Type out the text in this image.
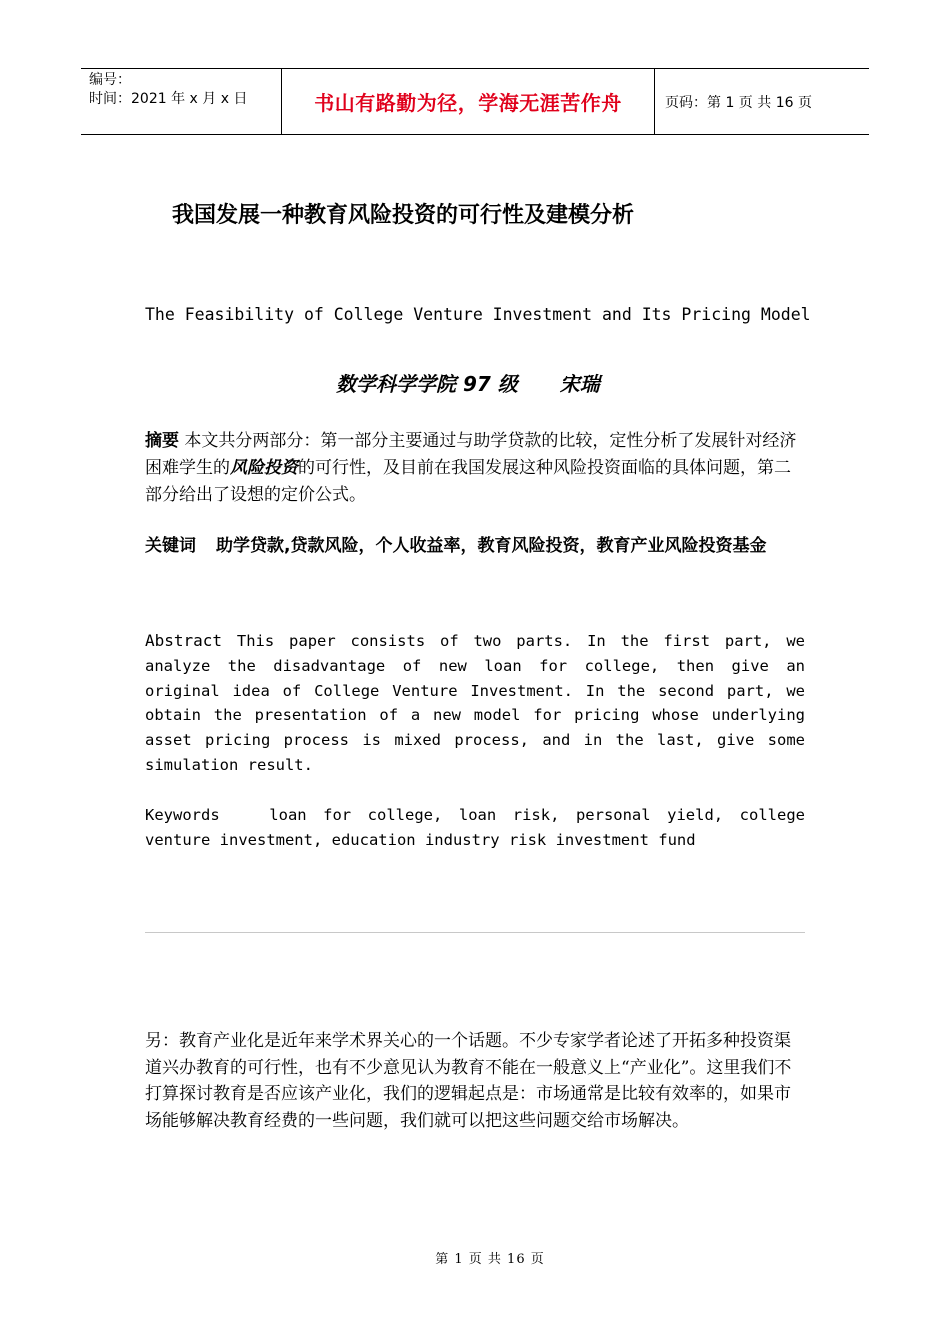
编号：
时间：2021 年 x 月 x 日	书山有路勤为径，学海无涯苦作舟	页码：第 1 页 共 16 页
我国发展一种教育风险投资的可行性及建模分析
The Feasibility of College Venture Investment and Its Pricing Model
数学科学学院 97 级 宋瑞
摘要 本文共分两部分：第一部分主要通过与助学贷款的比较，定性分析了发展针对经济困难学生的风险投资的可行性，及目前在我国发展这种风险投资面临的具体问题，第二部分给出了设想的定价公式。
关键词 助学贷款,贷款风险，个人收益率，教育风险投资，教育产业风险投资基金
Abstract This paper consists of two parts. In the first part, we analyze the disadvantage of new loan for college, then give an original idea of College Venture Investment. In the second part, we obtain the presentation of a new model for pricing whose underlying asset pricing process is mixed process, and in the last, give some simulation result.
Keywords	loan for college, loan risk, personal yield, college venture investment, education industry risk investment fund
另：教育产业化是近年来学术界关心的一个话题。不少专家学者论述了开拓多种投资渠道兴办教育的可行性，也有不少意见认为教育不能在一般意义上“产业化”。这里我们不打算探讨教育是否应该产业化，我们的逻辑起点是：市场通常是比较有效率的，如果市场能够解决教育经费的一些问题，我们就可以把这些问题交给市场解决。
第 1 页 共 16 页
